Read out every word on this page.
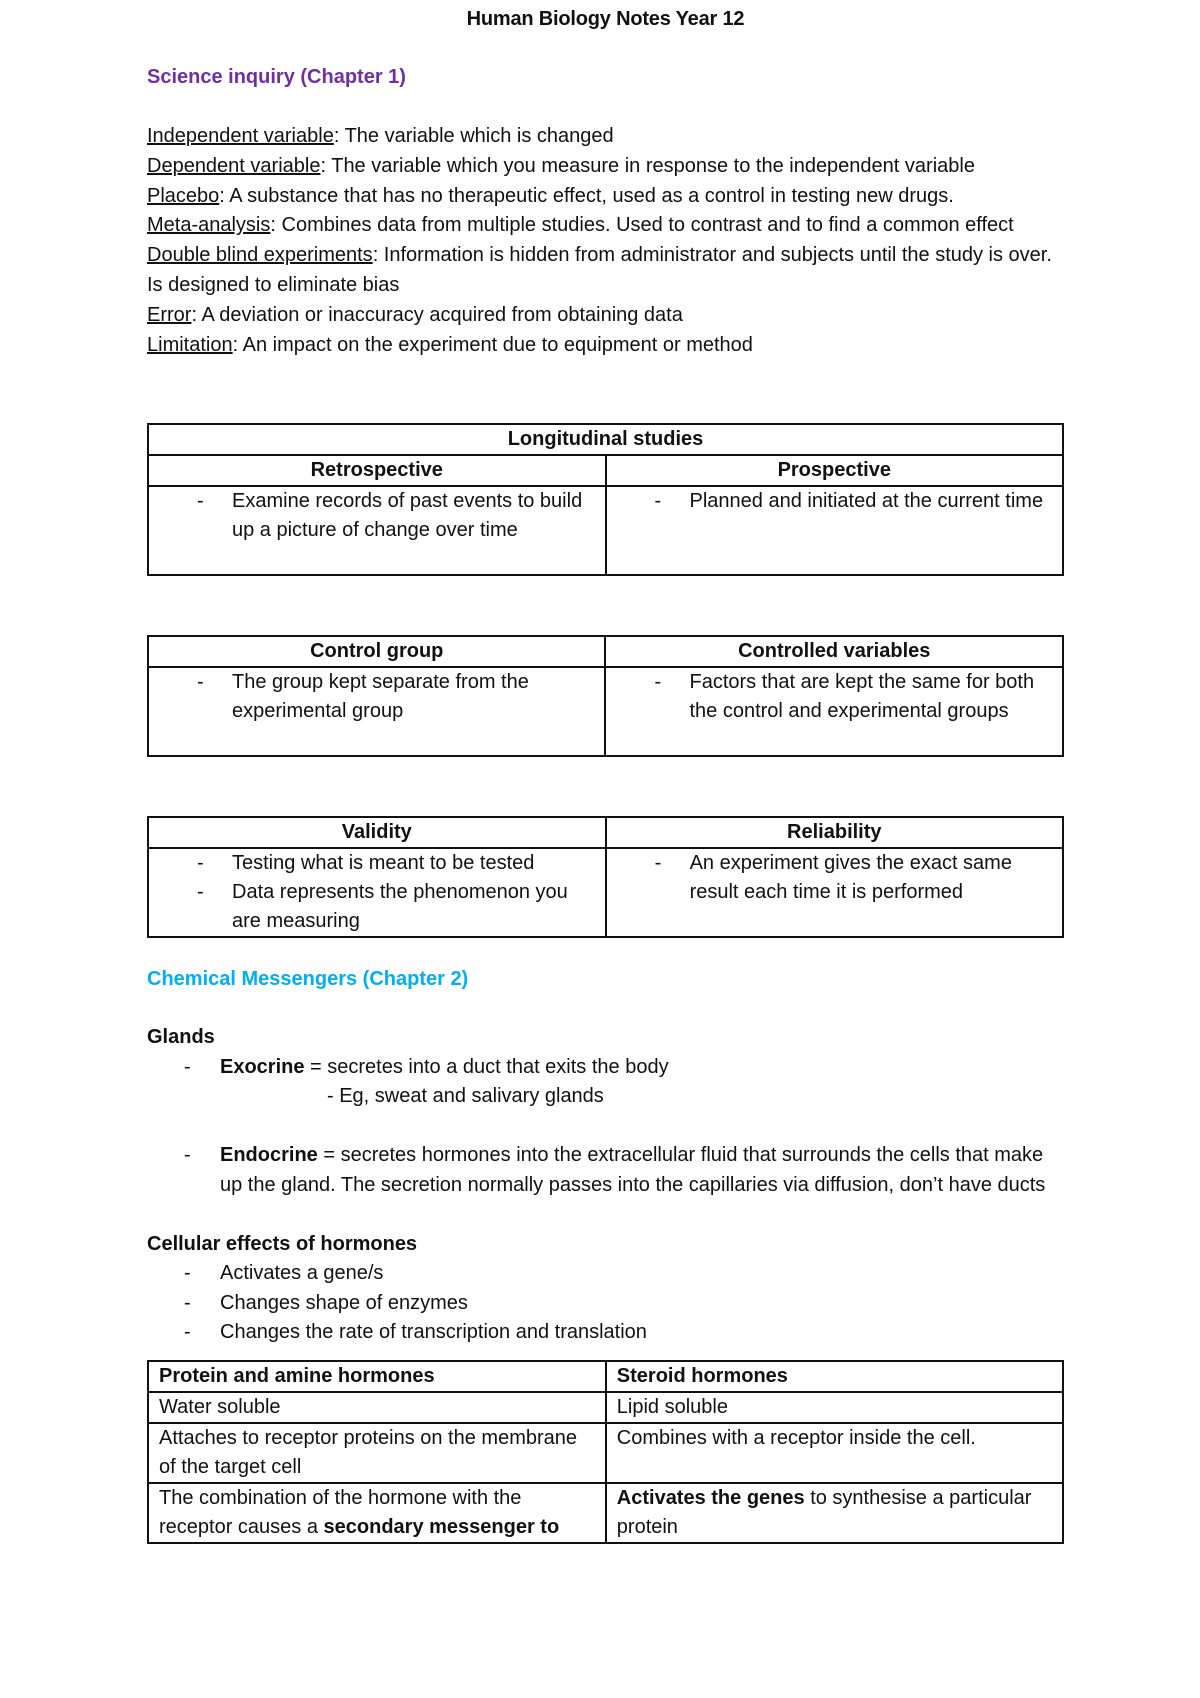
Human Biology Notes Year 12
Science inquiry (Chapter 1)
Independent variable: The variable which is changed
Dependent variable: The variable which you measure in response to the independent variable
Placebo: A substance that has no therapeutic effect, used as a control in testing new drugs.
Meta-analysis: Combines data from multiple studies. Used to contrast and to find a common effect
Double blind experiments: Information is hidden from administrator and subjects until the study is over. Is designed to eliminate bias
Error: A deviation or inaccuracy acquired from obtaining data
Limitation: An impact on the experiment due to equipment or method
Longitudinal studies	
Retrospective	Prospective

- Examine records of past events to build up a picture of change over time	- Planned and initiated at the current time
Control group	Controlled variables

- The group kept separate from the experimental group	- Factors that are kept the same for both the control and experimental groups
Validity	Reliability

- Testing what is meant to be tested
- Data represents the phenomenon you are measuring	- An experiment gives the exact same result each time it is performed
Chemical Messengers (Chapter 2)
Glands
- Exocrine = secretes into a duct that exits the body
- Eg, sweat and salivary glands
- Endocrine = secretes hormones into the extracellular fluid that surrounds the cells that make up the gland. The secretion normally passes into the capillaries via diffusion, don’t have ducts
Cellular effects of hormones
- Activates a gene/s
- Changes shape of enzymes
- Changes the rate of transcription and translation
Protein and amine hormones	Steroid hormones
Water soluble	Lipid soluble
Attaches to receptor proteins on the membrane of the target cell	Combines with a receptor inside the cell.
The combination of the hormone with the receptor causes a secondary messenger to	Activates the genes to synthesise a particular protein
